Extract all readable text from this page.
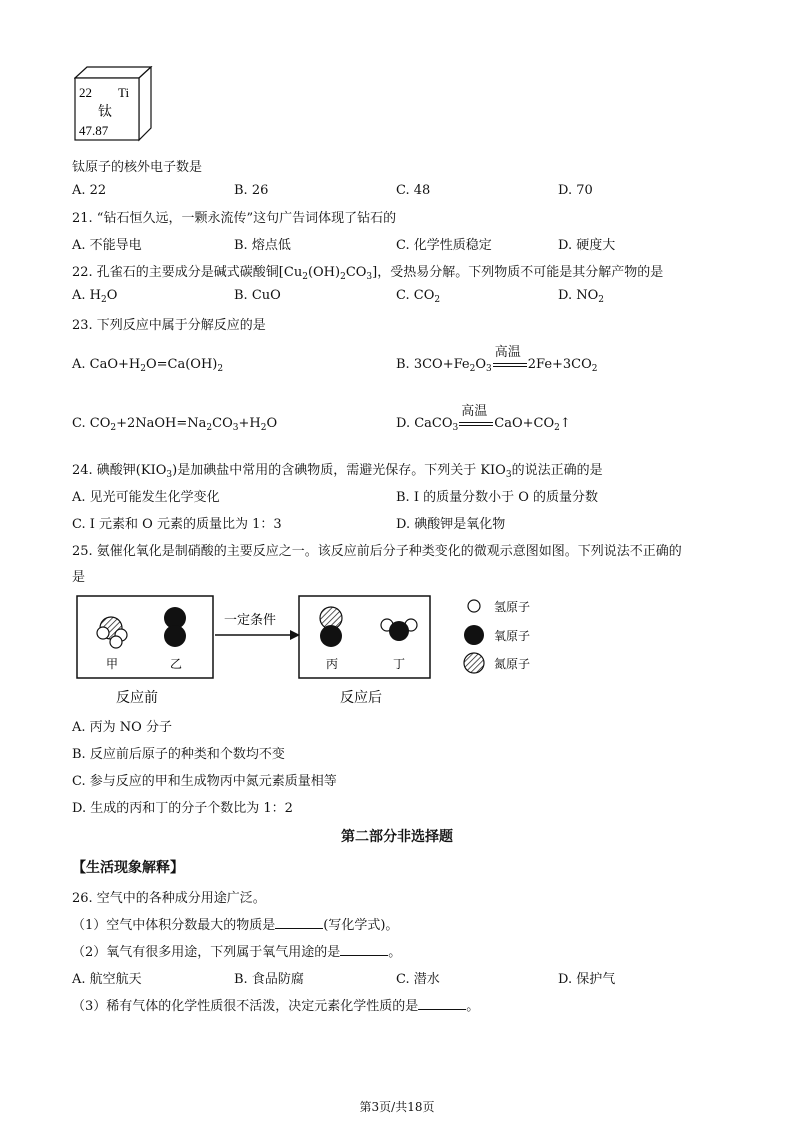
22 Ti
钛
47.87
钛原子的核外电子数是
A. 22	B. 26	C. 48	D. 70
21. “钻石恒久远，一颗永流传”这句广告词体现了钻石的
A. 不能导电	B. 熔点低	C. 化学性质稳定	D. 硬度大
22. 孔雀石的主要成分是碱式碳酸铜$[Cu_2(OH)_2CO_3]$，受热易分解。下列物质不可能是其分解产物的是
A. $H_2O$	B. CuO	C. $CO_2$	D. $NO_2$
23. 下列反应中属于分解反应的是
A. $CaO+H_2O=Ca(OH)_2$	B. $3CO+Fe_2O_3$
高温
$2Fe+3CO_2$
C. $CO_2+2NaOH=Na_2CO_3+H_2O$	D. CaCO$_3$
高温
$CaO+CO_2↑$
24. 碘酸钾$(KIO_3)$是加碘盐中常用的含碘物质，需避光保存。下列关于 $KIO_3$的说法正确的是
A. 见光可能发生化学变化	B. I 的质量分数小于 O 的质量分数
C. I 元素和 O 元素的质量比为 1：3	D. 碘酸钾是氧化物
25. 氨催化氧化是制硝酸的主要反应之一。该反应前后分子种类变化的微观示意图如图。下列说法不正确的
是
甲	乙
一定条件
丙	丁
反应前	反应后
氢原子
氧原子
氮原子
A. 丙为 NO 分子
B. 反应前后原子的种类和个数均不变
C. 参与反应的甲和生成物丙中氮元素质量相等
D. 生成的丙和丁的分子个数比为 1：2
第二部分非选择题
【生活现象解释】
26. 空气中的各种成分用途广泛。
（1）空气中体积分数最大的物质是	(写化学式)。
（2）氧气有很多用途，下列属于氧气用途的是	。
A. 航空航天	B. 食品防腐	C. 潜水	D. 保护气
（3）稀有气体的化学性质很不活泼，决定元素化学性质的是	。
第3页/共18页
